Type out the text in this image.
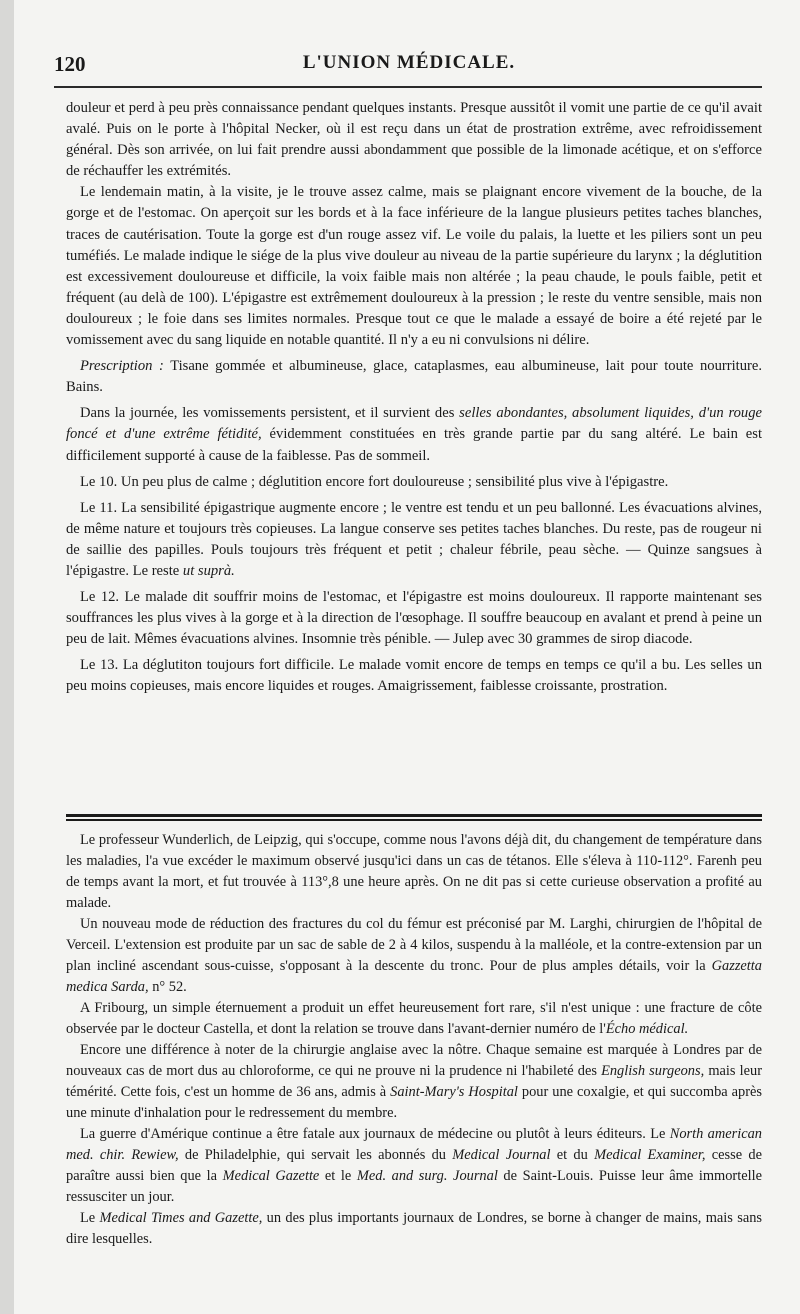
120	L'UNION MÉDICALE.

douleur et perd à peu près connaissance pendant quelques instants. Presque aussitôt il vomit une partie de ce qu'il avait avalé. Puis on le porte à l'hôpital Necker, où il est reçu dans un état de prostration extrême, avec refroidissement général. Dès son arrivée, on lui fait prendre aussi abondamment que possible de la limonade acétique, et on s'efforce de réchauffer les extrémités.

Le lendemain matin, à la visite, je le trouve assez calme, mais se plaignant encore vivement de la bouche, de la gorge et de l'estomac. On aperçoit sur les bords et à la face inférieure de la langue plusieurs petites taches blanches, traces de cautérisation. Toute la gorge est d'un rouge assez vif. Le voile du palais, la luette et les piliers sont un peu tuméfiés. Le malade indique le siége de la plus vive douleur au niveau de la partie supérieure du larynx ; la déglutition est excessivement douloureuse et difficile, la voix faible mais non altérée ; la peau chaude, le pouls faible, petit et fréquent (au delà de 100). L'épigastre est extrêmement douloureux à la pression ; le reste du ventre sensible, mais non douloureux ; le foie dans ses limites normales. Presque tout ce que le malade a essayé de boire a été rejeté par le vomissement avec du sang liquide en notable quantité. Il n'y a eu ni convulsions ni délire.

Prescription : Tisane gommée et albumineuse, glace, cataplasmes, eau albumineuse, lait pour toute nourriture. Bains.

Dans la journée, les vomissements persistent, et il survient des selles abondantes, absolument liquides, d'un rouge foncé et d'une extrême fétidité, évidemment constituées en très grande partie par du sang altéré. Le bain est difficilement supporté à cause de la faiblesse. Pas de sommeil.

Le 10. Un peu plus de calme ; déglutition encore fort douloureuse ; sensibilité plus vive à l'épigastre.

Le 11. La sensibilité épigastrique augmente encore ; le ventre est tendu et un peu ballonné. Les évacuations alvines, de même nature et toujours très copieuses. La langue conserve ses petites taches blanches. Du reste, pas de rougeur ni de saillie des papilles. Pouls toujours très fréquent et petit ; chaleur fébrile, peau sèche. — Quinze sangsues à l'épigastre. Le reste ut suprà.

Le 12. Le malade dit souffrir moins de l'estomac, et l'épigastre est moins douloureux. Il rapporte maintenant ses souffrances les plus vives à la gorge et à la direction de l'œsophage. Il souffre beaucoup en avalant et prend à peine un peu de lait. Mêmes évacuations alvines. Insomnie très pénible. — Julep avec 30 grammes de sirop diacode.

Le 13. La déglutiton toujours fort difficile. Le malade vomit encore de temps en temps ce qu'il a bu. Les selles un peu moins copieuses, mais encore liquides et rouges. Amaigrissement, faiblesse croissante, prostration.

Le professeur Wunderlich, de Leipzig, qui s'occupe, comme nous l'avons déjà dit, du changement de température dans les maladies, l'a vue excéder le maximum observé jusqu'ici dans un cas de tétanos. Elle s'éleva à 110-112°. Farenh peu de temps avant la mort, et fut trouvée à 113°,8 une heure après. On ne dit pas si cette curieuse observation a profité au malade.

Un nouveau mode de réduction des fractures du col du fémur est préconisé par M. Larghi, chirurgien de l'hôpital de Verceil. L'extension est produite par un sac de sable de 2 à 4 kilos, suspendu à la malléole, et la contre-extension par un plan incliné ascendant sous-cuisse, s'opposant à la descente du tronc. Pour de plus amples détails, voir la Gazzetta medica Sarda, n° 52.

A Fribourg, un simple éternuement a produit un effet heureusement fort rare, s'il n'est unique : une fracture de côte observée par le docteur Castella, et dont la relation se trouve dans l'avant-dernier numéro de l'Écho médical.

Encore une différence à noter de la chirurgie anglaise avec la nôtre. Chaque semaine est marquée à Londres par de nouveaux cas de mort dus au chloroforme, ce qui ne prouve ni la prudence ni l'habileté des English surgeons, mais leur témérité. Cette fois, c'est un homme de 36 ans, admis à Saint-Mary's Hospital pour une coxalgie, et qui succomba après une minute d'inhalation pour le redressement du membre.

La guerre d'Amérique continue a être fatale aux journaux de médecine ou plutôt à leurs éditeurs. Le North american med. chir. Rewiew, de Philadelphie, qui servait les abonnés du Medical Journal et du Medical Examiner, cesse de paraître aussi bien que la Medical Gazette et le Med. and surg. Journal de Saint-Louis. Puisse leur âme immortelle ressusciter un jour.

Le Medical Times and Gazette, un des plus importants journaux de Londres, se borne à changer de mains, mais sans dire lesquelles.
